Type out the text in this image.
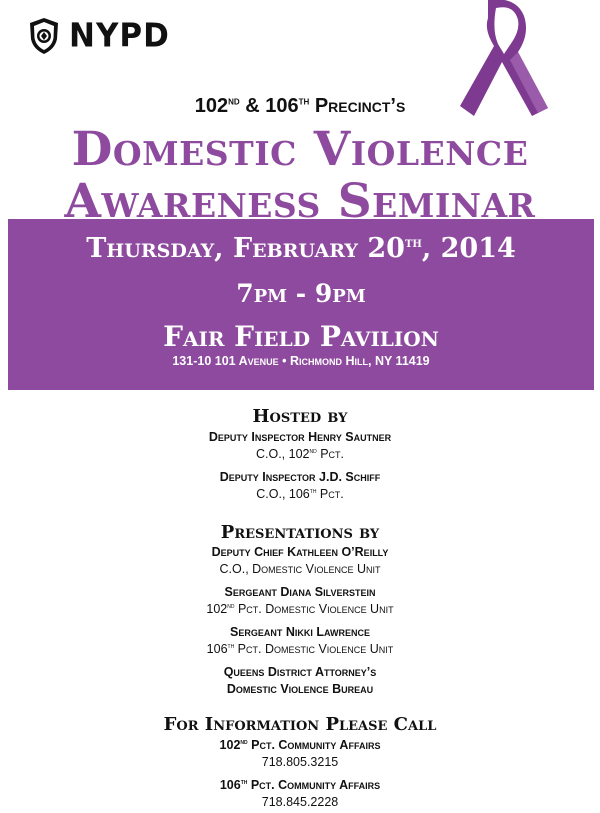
NYPD
102nd & 106th Precinct’s
Domestic Violence
Awareness Seminar
Thursday, February 20th, 2014
7pm - 9pm
Fair Field Pavilion
131-10 101 Avenue • Richmond Hill, NY 11419
Hosted by
Deputy Inspector Henry Sautner
C.O., 102nd Pct.
Deputy Inspector J.D. Schiff
C.O., 106th Pct.
Presentations by
Deputy Chief Kathleen O’Reilly
C.O., Domestic Violence Unit
Sergeant Diana Silverstein
102nd Pct. Domestic Violence Unit
Sergeant Nikki Lawrence
106th Pct. Domestic Violence Unit
Queens District Attorney’s
Domestic Violence Bureau
For Information Please Call
102nd Pct. Community Affairs
718.805.3215
106th Pct. Community Affairs
718.845.2228
